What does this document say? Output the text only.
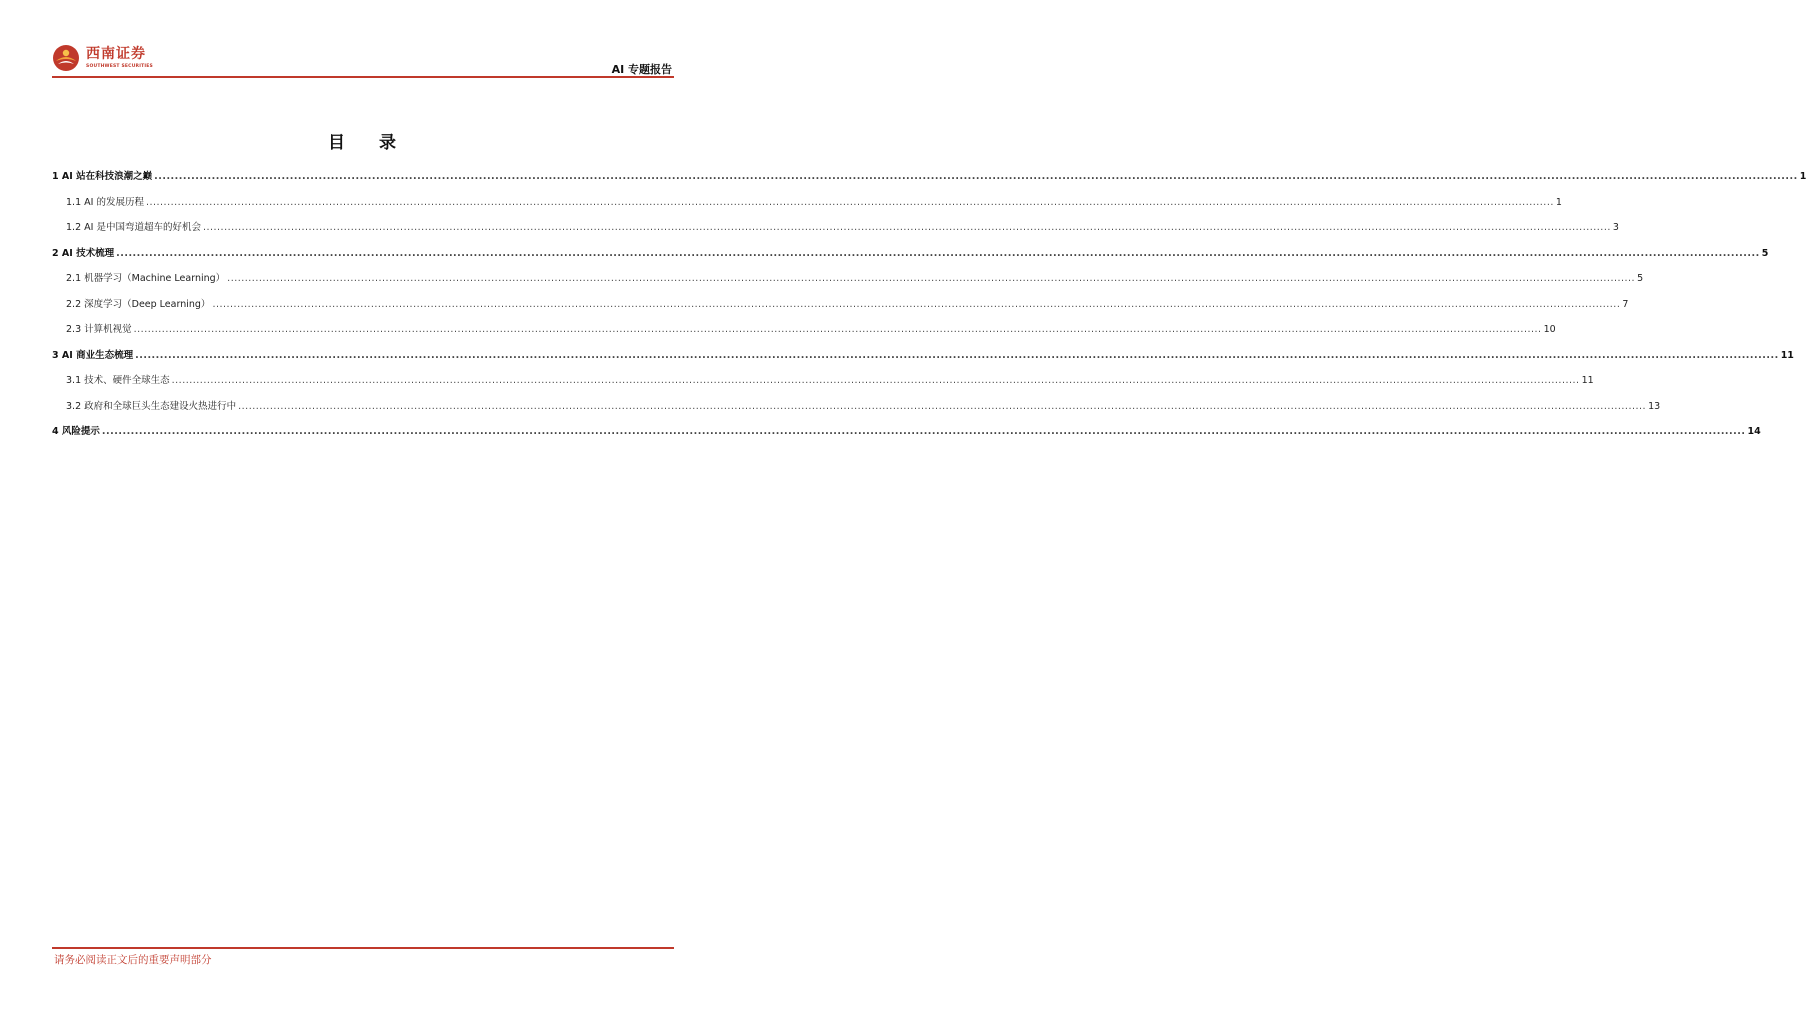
西南证券
SOUTHWEST SECURITIES	AI 专题报告
目 录
1 AI 站在科技浪潮之巅 ................................................................................................................................................................................................................................................................................................................................................................................................................ 1
1.1 AI 的发展历程 ................................................................................................................................................................................................................................................................................................................................................................................................................ 1
1.2 AI 是中国弯道超车的好机会 ................................................................................................................................................................................................................................................................................................................................................................................................................ 3
2 AI 技术梳理 ................................................................................................................................................................................................................................................................................................................................................................................................................ 5
2.1 机器学习（Machine Learning） ................................................................................................................................................................................................................................................................................................................................................................................................................ 5
2.2 深度学习（Deep Learning） ................................................................................................................................................................................................................................................................................................................................................................................................................ 7
2.3 计算机视觉 ................................................................................................................................................................................................................................................................................................................................................................................................................ 10
3 AI 商业生态梳理 ................................................................................................................................................................................................................................................................................................................................................................................................................ 11
3.1 技术、硬件全球生态 ................................................................................................................................................................................................................................................................................................................................................................................................................ 11
3.2 政府和全球巨头生态建设火热进行中 ................................................................................................................................................................................................................................................................................................................................................................................................................ 13
4 风险提示 ................................................................................................................................................................................................................................................................................................................................................................................................................ 14
请务必阅读正文后的重要声明部分
